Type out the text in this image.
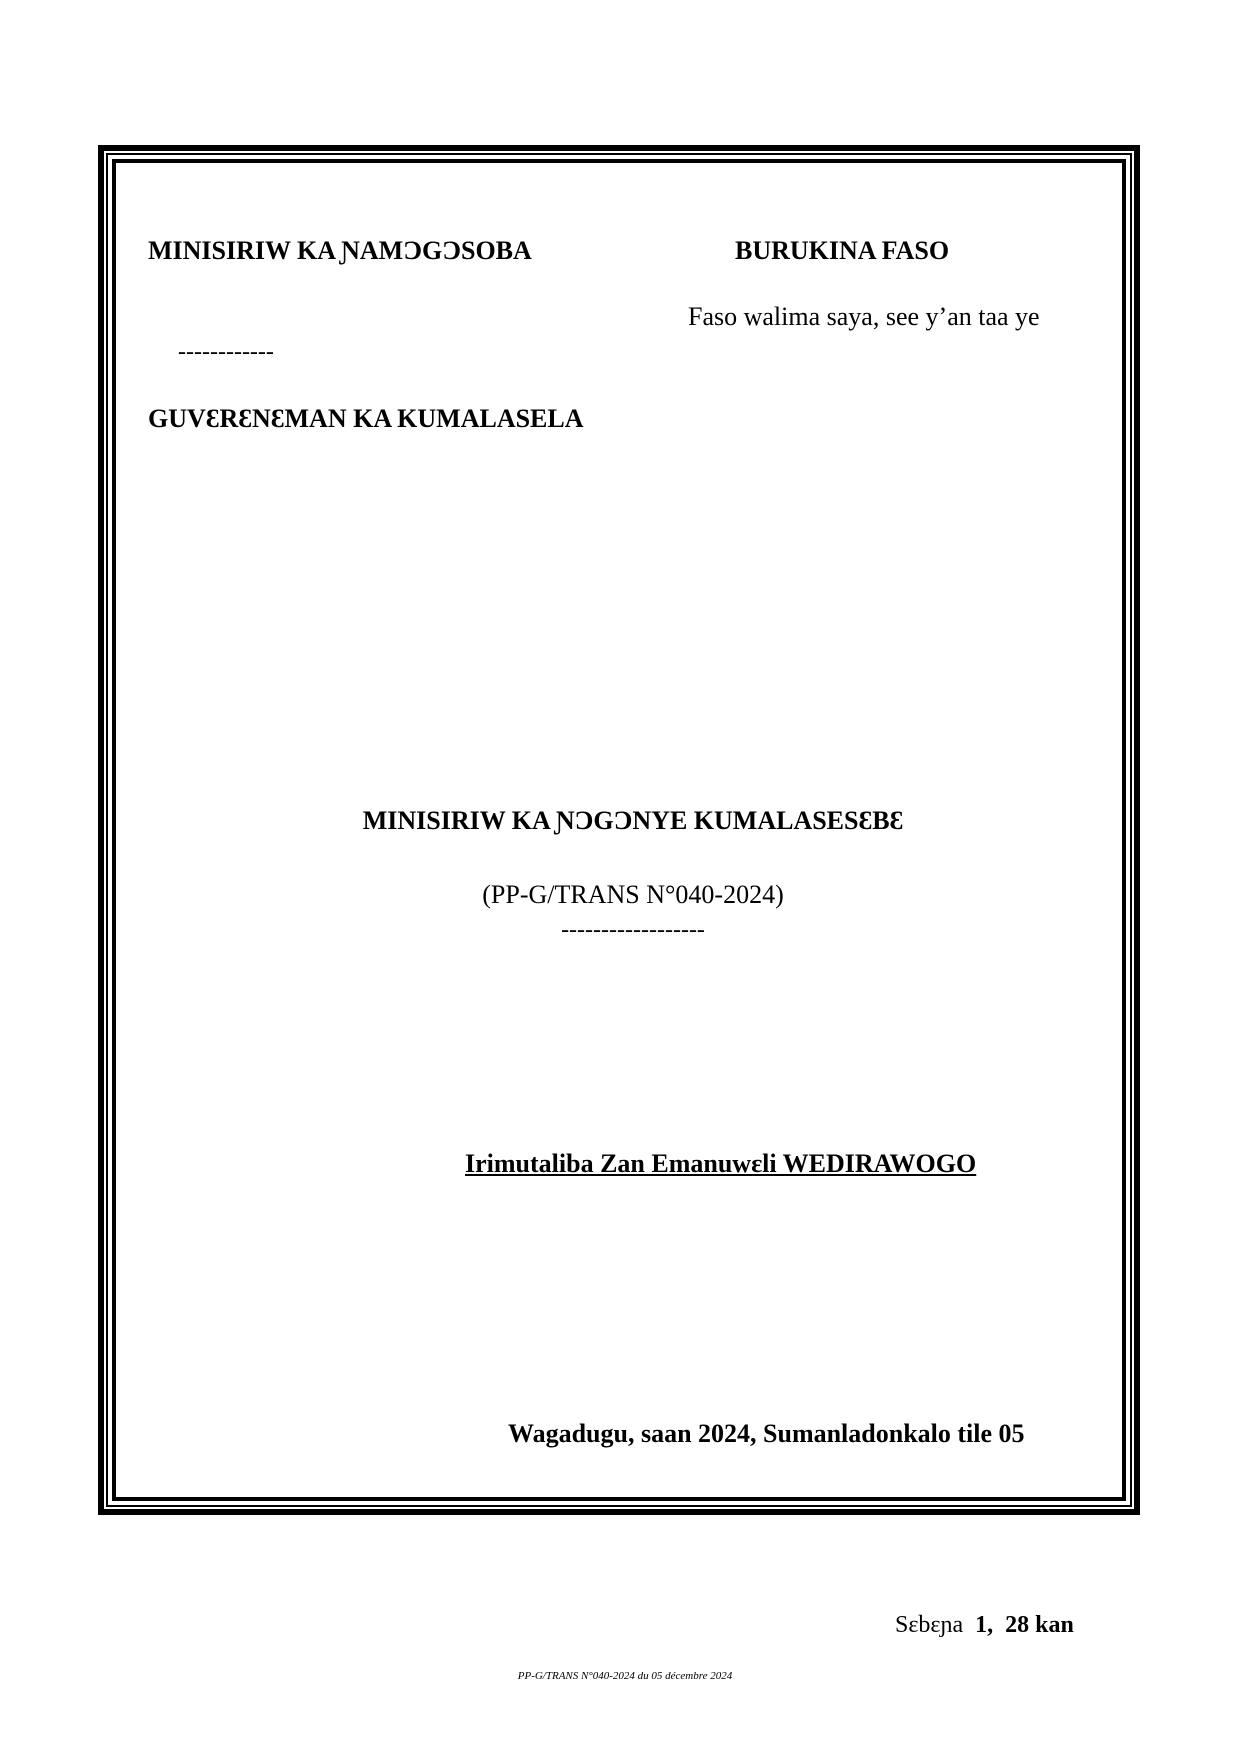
MINISIRIW KA ƝAMƆGƆSOBA	BURUKINA FASO
Faso walima saya, see y’an taa ye
------------
GUVƐRƐNƐMAN KA KUMALASELA
MINISIRIW KA ƝƆGƆNYE KUMALASESƐBƐ
(PP-G/TRANS N°040-2024)
------------------
Irimutaliba Zan Emanuwɛli WEDIRAWOGO
Wagadugu, saan 2024, Sumanladonkalo tile 05
Sɛbɛɲa 1, 28 kan
PP-G/TRANS N°040-2024 du 05 décembre 2024
